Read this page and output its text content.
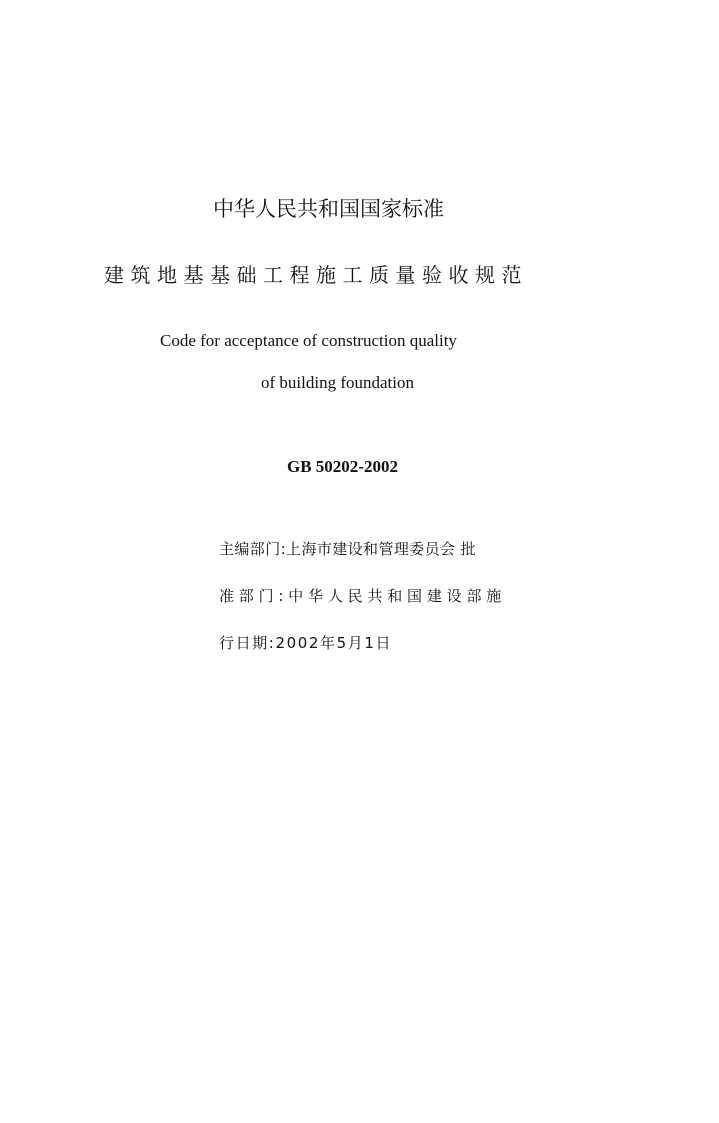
中华人民共和国国家标准
建筑地基基础工程施工质量验收规范
Code for acceptance of construction quality
of building foundation
GB 50202-2002
主编部门:上海市建设和管理委员会 批
准部门:中华人民共和国建设部施
行日期:2002年5月1日
